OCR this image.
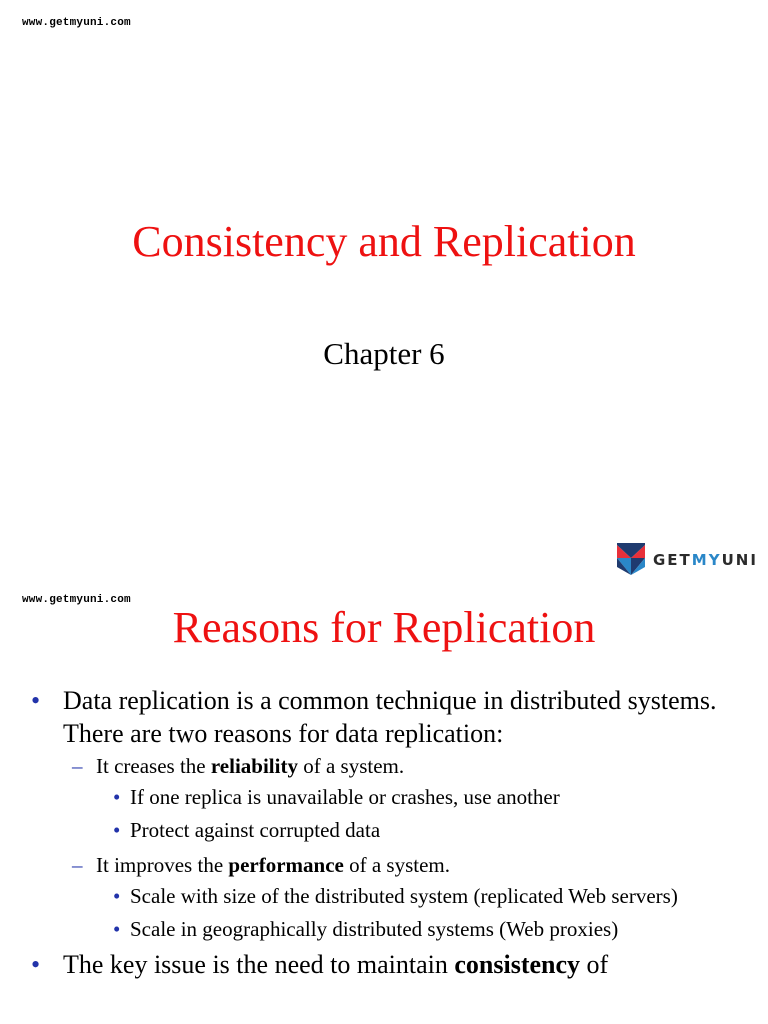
www.getmyuni.com
Consistency and Replication
Chapter 6
GETMYUNI
www.getmyuni.com
Reasons for Replication
• Data replication is a common technique in distributed systems. There are two reasons for data replication:
– It creases the reliability of a system.
• If one replica is unavailable or crashes, use another
• Protect against corrupted data
– It improves the performance of a system.
• Scale with size of the distributed system (replicated Web servers)
• Scale in geographically distributed systems (Web proxies)
• The key issue is the need to maintain consistency of
